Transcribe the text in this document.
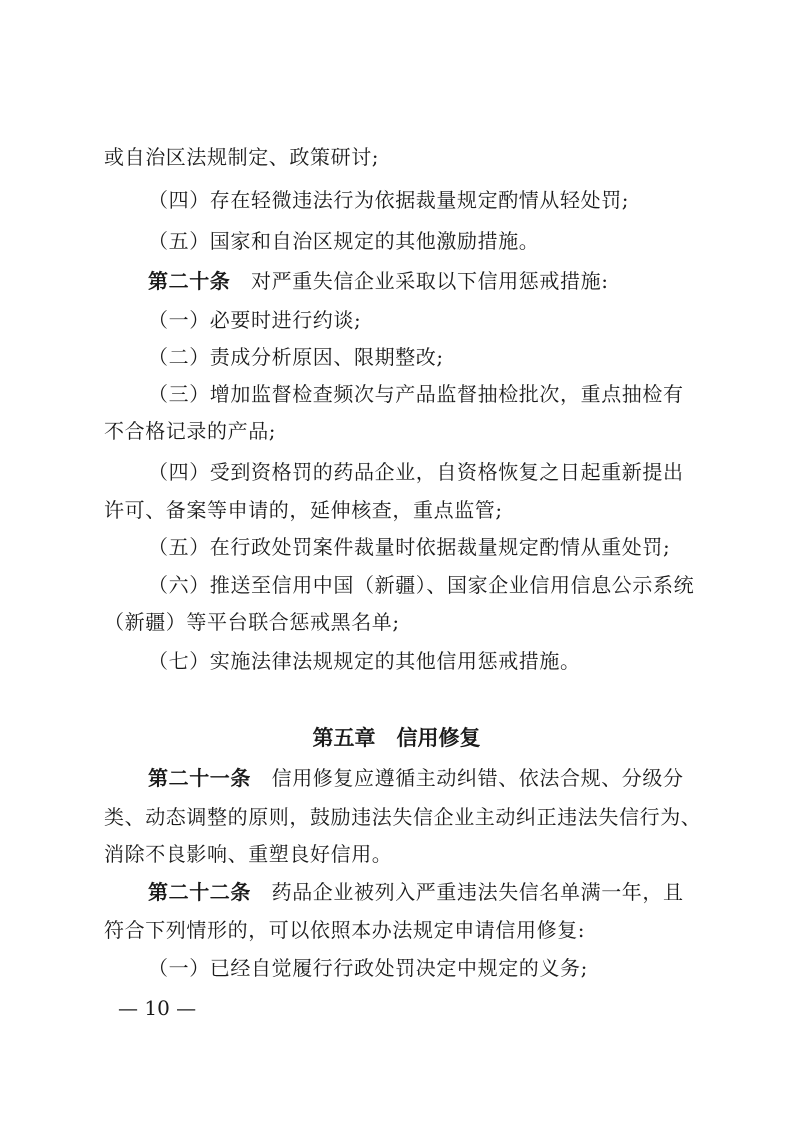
或自治区法规制定、政策研讨;
（四）存在轻微违法行为依据裁量规定酌情从轻处罚;
（五）国家和自治区规定的其他激励措施。
第二十条　对严重失信企业采取以下信用惩戒措施:
（一）必要时进行约谈;
（二）责成分析原因、限期整改;
（三）增加监督检查频次与产品监督抽检批次，重点抽检有
不合格记录的产品;
（四）受到资格罚的药品企业，自资格恢复之日起重新提出
许可、备案等申请的，延伸核查，重点监管;
（五）在行政处罚案件裁量时依据裁量规定酌情从重处罚;
（六）推送至信用中国（新疆）、国家企业信用信息公示系统
（新疆）等平台联合惩戒黑名单;
（七）实施法律法规规定的其他信用惩戒措施。
第五章　信用修复
第二十一条　信用修复应遵循主动纠错、依法合规、分级分
类、动态调整的原则，鼓励违法失信企业主动纠正违法失信行为、
消除不良影响、重塑良好信用。
第二十二条　药品企业被列入严重违法失信名单满一年，且
符合下列情形的，可以依照本办法规定申请信用修复:
（一）已经自觉履行行政处罚决定中规定的义务;
— 10 —
